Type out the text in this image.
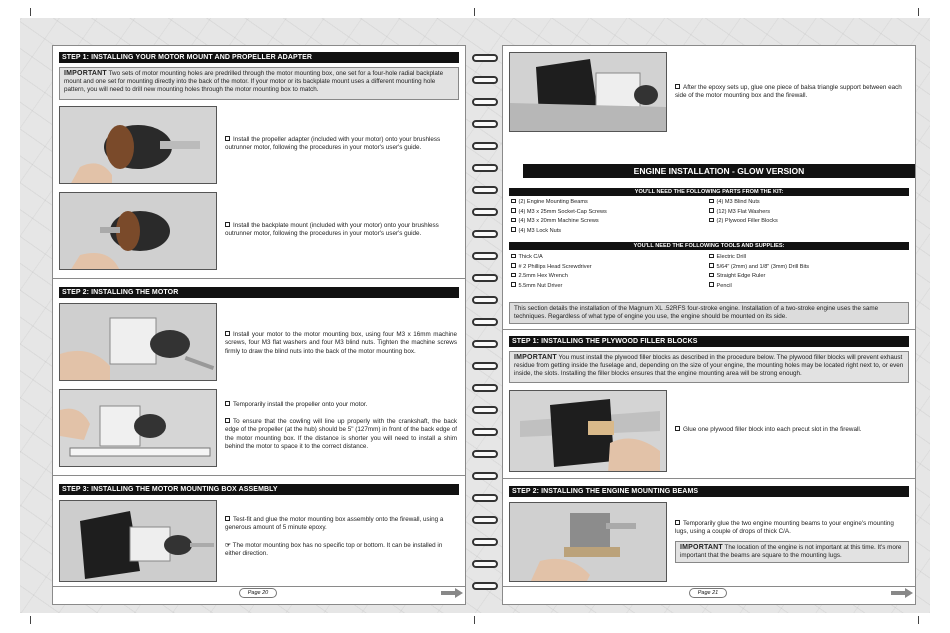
STEP 1: INSTALLING YOUR MOTOR MOUNT AND PROPELLER ADAPTER
IMPORTANT Two sets of motor mounting holes are predrilled through the motor mounting box, one set for a four-hole radial backplate mount and one set for mounting directly into the back of the motor. If your motor or its backplate mount uses a different mounting hole pattern, you will need to drill new mounting holes through the motor mounting box to match.
Install the propeller adapter (included with your motor) onto your brushless outrunner motor, following the procedures in your motor's user's guide.
Install the backplate mount (included with your motor) onto your brushless outrunner motor, following the procedures in your motor's user's guide.
STEP 2: INSTALLING THE MOTOR
Install your motor to the motor mounting box, using four M3 x 16mm machine screws, four M3 flat washers and four M3 blind nuts. Tighten the machine screws firmly to draw the blind nuts into the back of the motor mounting box.
Temporarily install the propeller onto your motor.
To ensure that the cowling will line up properly with the crankshaft, the back edge of the propeller (at the hub) should be 5" (127mm) in front of the back edge of the motor mounting box. If the distance is shorter you will need to install a shim behind the motor to space it to the correct distance.
STEP 3: INSTALLING THE MOTOR MOUNTING BOX ASSEMBLY
Test-fit and glue the motor mounting box assembly onto the firewall, using a generous amount of 5 minute epoxy.
☞ The motor mounting box has no specific top or bottom. It can be installed in either direction.
Page 20
After the epoxy sets up, glue one piece of balsa triangle support between each side of the motor mounting box and the firewall.
ENGINE INSTALLATION - GLOW VERSION
YOU'LL NEED THE FOLLOWING PARTS FROM THE KIT:
(2) Engine Mounting Beams
(4) M3 x 25mm Socket-Cap Screws
(4) M3 x 20mm Machine Screws
(4) M3 Lock Nuts
(4) M3 Blind Nuts
(12) M3 Flat Washers
(2) Plywood Filler Blocks
YOU'LL NEED THE FOLLOWING TOOLS AND SUPPLIES:
Thick C/A
# 2 Phillips Head Screwdriver
2.5mm Hex Wrench
5.5mm Nut Driver
Electric Drill
5/64" (2mm) and 1/8" (3mm) Drill Bits
Straight Edge Ruler
Pencil
This section details the installation of the Magnum XL .52RFS four-stroke engine. Installation of a two-stroke engine uses the same techniques. Regardless of what type of engine you use, the engine should be mounted on its side.
STEP 1: INSTALLING THE PLYWOOD FILLER BLOCKS
IMPORTANT You must install the plywood filler blocks as described in the procedure below. The plywood filler blocks will prevent exhaust residue from getting inside the fuselage and, depending on the size of your engine, the mounting holes may be located right next to, or even inside, the slots. Installing the filler blocks ensures that the engine mounting area will be strong enough.
Glue one plywood filler block into each precut slot in the firewall.
STEP 2: INSTALLING THE ENGINE MOUNTING BEAMS
Temporarily glue the two engine mounting beams to your engine's mounting lugs, using a couple of drops of thick C/A.
IMPORTANT The location of the engine is not important at this time. It's more important that the beams are square to the mounting lugs.
Page 21
